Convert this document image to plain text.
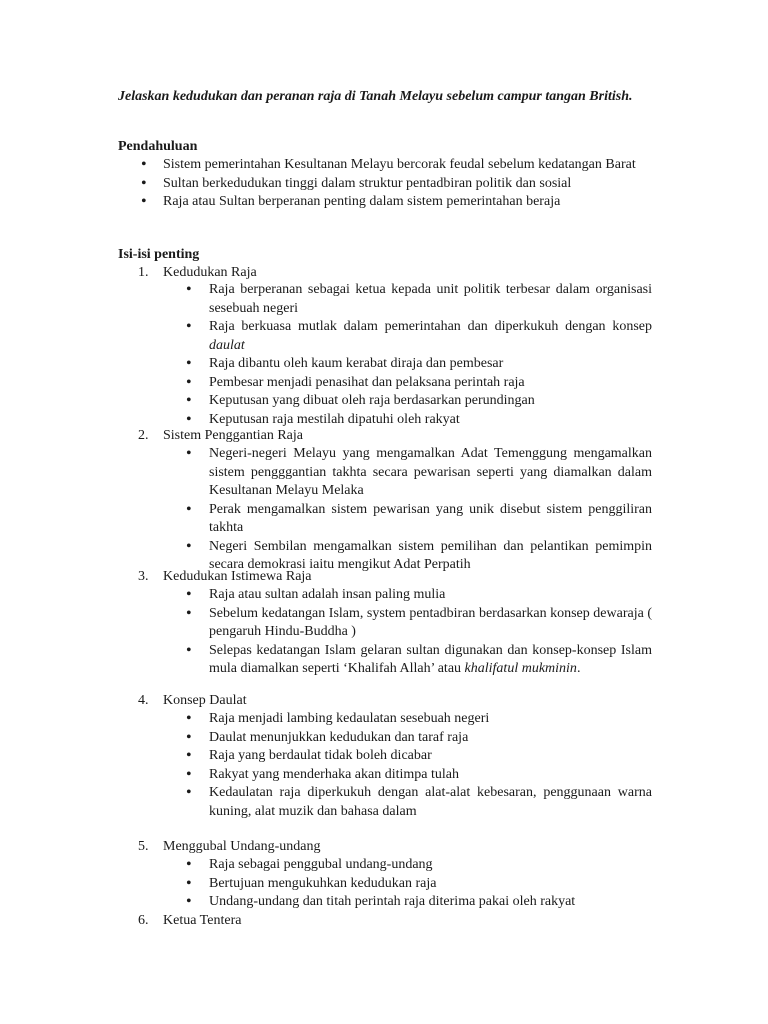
Jelaskan kedudukan dan peranan raja di Tanah Melayu sebelum campur tangan British.
Pendahuluan
• Sistem pemerintahan Kesultanan Melayu bercorak feudal sebelum kedatangan Barat
• Sultan berkedudukan tinggi dalam struktur pentadbiran politik dan sosial
• Raja atau Sultan berperanan penting dalam sistem pemerintahan beraja
Isi-isi penting
1. Kedudukan Raja
• Raja berperanan sebagai ketua kepada unit politik terbesar dalam organisasi sesebuah negeri
• Raja berkuasa mutlak dalam pemerintahan dan diperkukuh dengan konsep daulat
• Raja dibantu oleh kaum kerabat diraja dan pembesar
• Pembesar menjadi penasihat dan pelaksana perintah raja
• Keputusan yang dibuat oleh raja berdasarkan perundingan
• Keputusan raja mestilah dipatuhi oleh rakyat
2. Sistem Penggantian Raja
• Negeri-negeri Melayu yang mengamalkan Adat Temenggung mengamalkan sistem pengggantian takhta secara pewarisan seperti yang diamalkan dalam Kesultanan Melayu Melaka
• Perak mengamalkan sistem pewarisan yang unik disebut sistem penggiliran takhta
• Negeri Sembilan mengamalkan sistem pemilihan dan pelantikan pemimpin secara demokrasi iaitu mengikut Adat Perpatih
3. Kedudukan Istimewa Raja
• Raja atau sultan adalah insan paling mulia
• Sebelum kedatangan Islam, system pentadbiran berdasarkan konsep dewaraja ( pengaruh Hindu-Buddha )
• Selepas kedatangan Islam gelaran sultan digunakan dan konsep-konsep Islam mula diamalkan seperti ‘Khalifah Allah’ atau khalifatul mukminin.
4. Konsep Daulat
• Raja menjadi lambing kedaulatan sesebuah negeri
• Daulat menunjukkan kedudukan dan taraf raja
• Raja yang berdaulat tidak boleh dicabar
• Rakyat yang menderhaka akan ditimpa tulah
• Kedaulatan raja diperkukuh dengan alat-alat kebesaran, penggunaan warna kuning, alat muzik dan bahasa dalam
5. Menggubal Undang-undang
• Raja sebagai penggubal undang-undang
• Bertujuan mengukuhkan kedudukan raja
• Undang-undang dan titah perintah raja diterima pakai oleh rakyat
6. Ketua Tentera
